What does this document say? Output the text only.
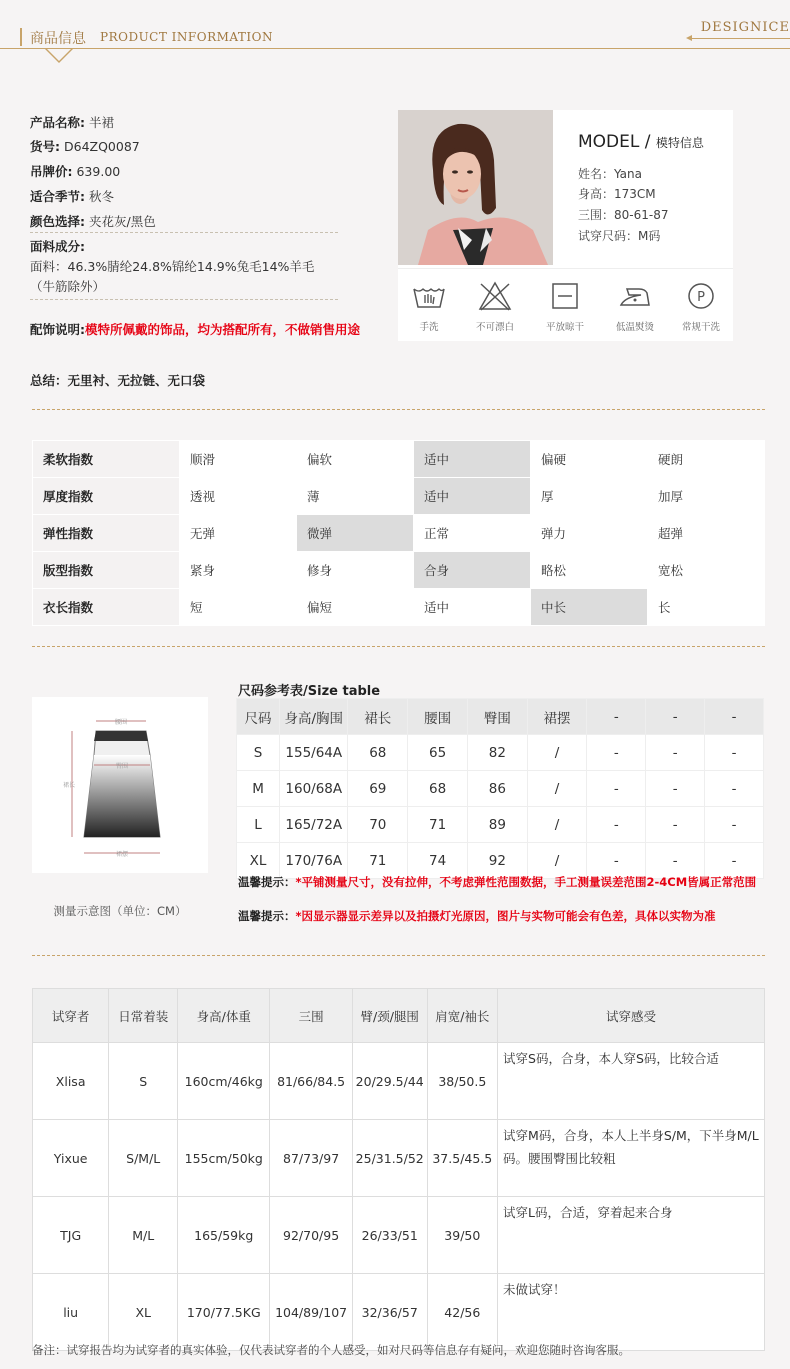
商品信息 PRODUCT INFORMATION
DESIGNICE
产品名称: 半裙
货号: D64ZQ0087
吊牌价: 639.00
适合季节: 秋冬
颜色选择: 夹花灰/黑色
面料成分:
面料：46.3%腈纶24.8%锦纶14.9%兔毛14%羊毛
（牛筋除外）
配饰说明:模特所佩戴的饰品，均为搭配所有，不做销售用途
总结：无里衬、无拉链、无口袋
MODEL / 模特信息
姓名：Yana
身高：173CM
三围：80-61-87
试穿尺码：M码
手洗	不可漂白	平放晾干	低温熨烫
P
常规干洗
柔软指数	顺滑	偏软	适中	偏硬	硬朗
厚度指数	透视	薄	适中	厚	加厚
弹性指数	无弹	微弹	正常	弹力	超弹
版型指数	紧身	修身	合身	略松	宽松
衣长指数	短	偏短	适中	中长	长
腰围
臀围
裙长
裙摆
测量示意图（单位：CM）
尺码参考表/Size table
尺码	身高/胸围	裙长	腰围	臀围	裙摆	-	-	-
S	155/64A	68	65	82	/	-	-	-
M	160/68A	69	68	86	/	-	-	-
L	165/72A	70	71	89	/	-	-	-
XL	170/76A	71	74	92	/	-	-	-
温馨提示：*平铺测量尺寸，没有拉伸，不考虑弹性范围数据，手工测量误差范围2-4CM皆属正常范围
温馨提示：*因显示器显示差异以及拍摄灯光原因，图片与实物可能会有色差，具体以实物为准
试穿者	日常着装	身高/体重	三围	臂/颈/腿围	肩宽/袖长	试穿感受
Xlisa	S	160cm/46kg	81/66/84.5	20/29.5/44	38/50.5	试穿S码，合身，本人穿S码，比较合适
Yixue	S/M/L	155cm/50kg	87/73/97	25/31.5/52	37.5/45.5	试穿M码，合身，本人上半身S/M，下半身M/L码。腰围臀围比较粗
TJG	M/L	165/59kg	92/70/95	26/33/51	39/50	试穿L码，合适，穿着起来合身
liu	XL	170/77.5KG	104/89/107	32/36/57	42/56	未做试穿！
备注：试穿报告均为试穿者的真实体验，仅代表试穿者的个人感受，如对尺码等信息存有疑问，欢迎您随时咨询客服。
